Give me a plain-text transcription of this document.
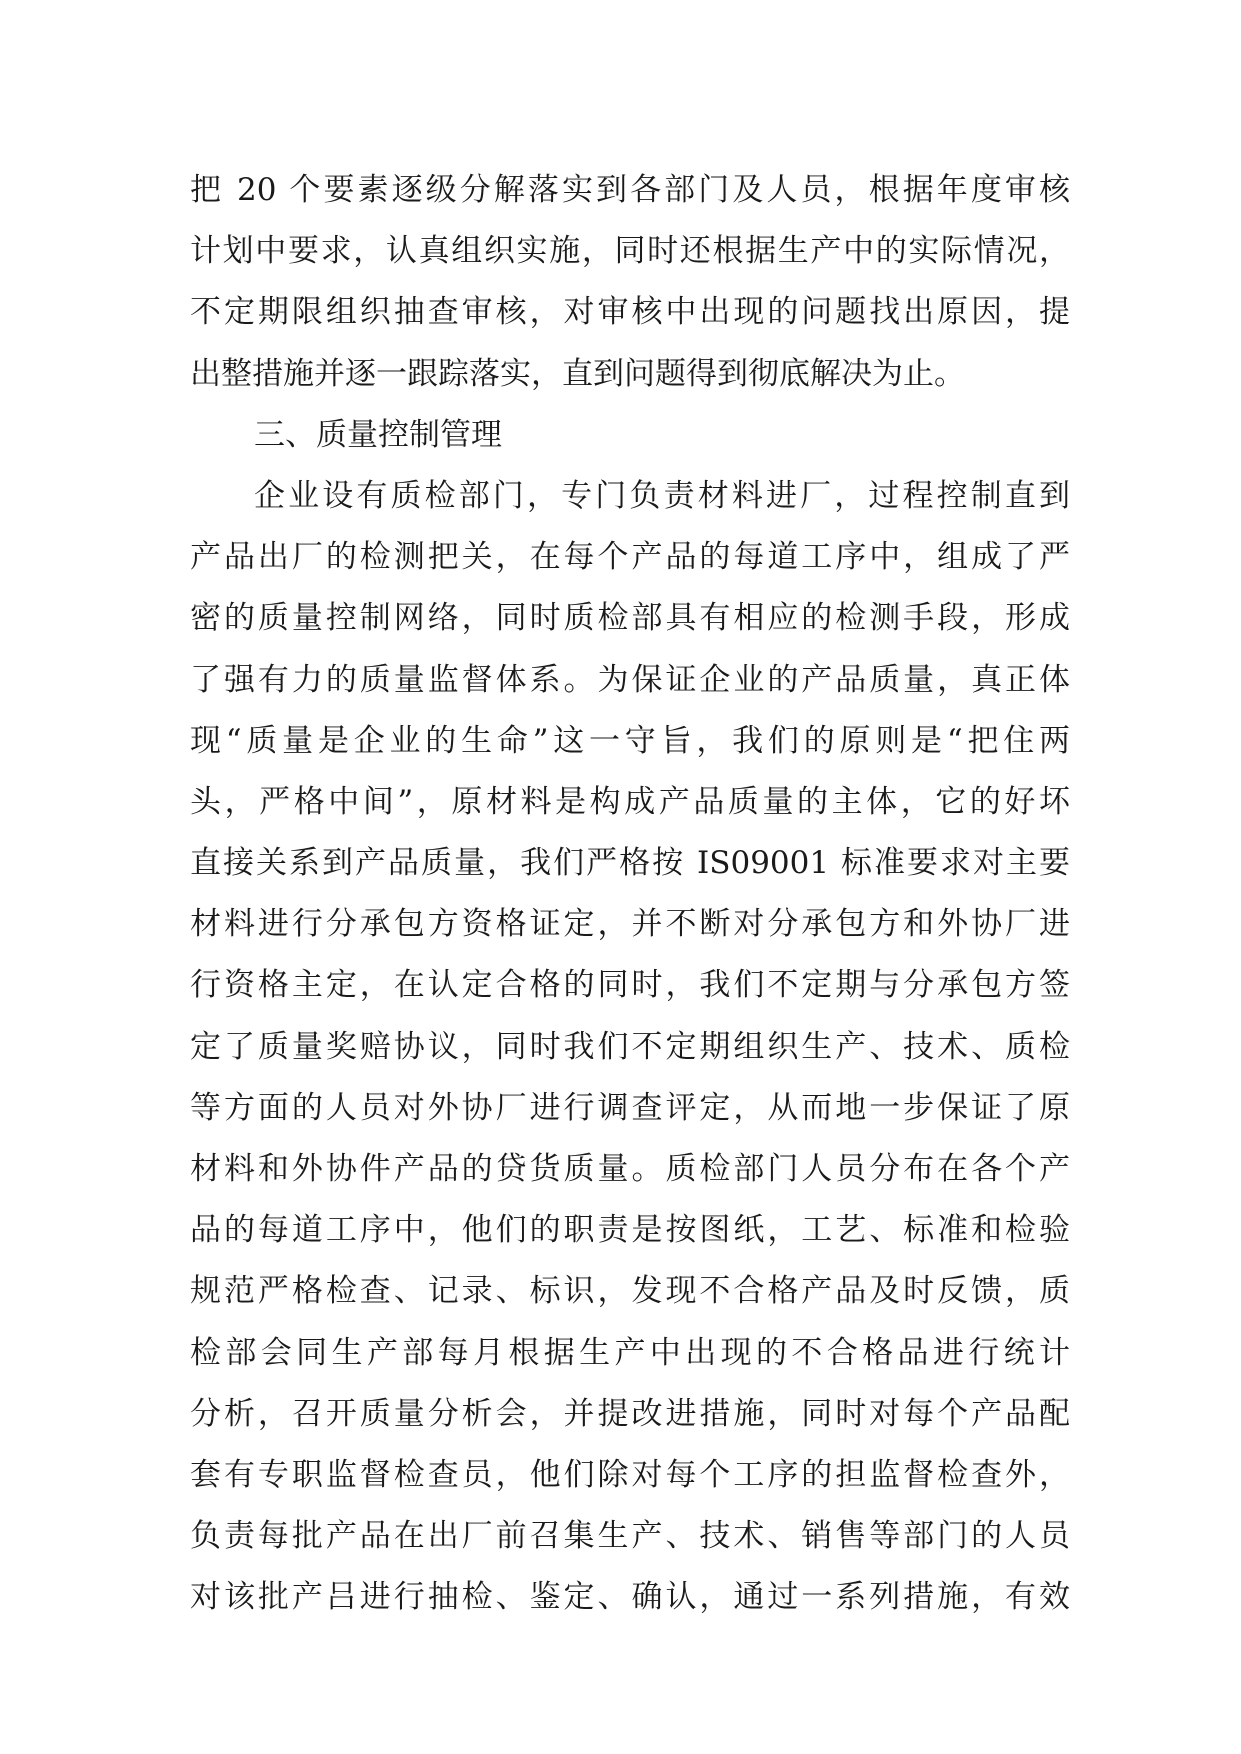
把 20 个要素逐级分解落实到各部门及人员，根据年度审核
计划中要求，认真组织实施，同时还根据生产中的实际情况，
不定期限组织抽查审核，对审核中出现的问题找出原因，提
出整措施并逐一跟踪落实，直到问题得到彻底解决为止。
三、质量控制管理
企业设有质检部门，专门负责材料进厂，过程控制直到
产品出厂的检测把关，在每个产品的每道工序中，组成了严
密的质量控制网络，同时质检部具有相应的检测手段，形成
了强有力的质量监督体系。为保证企业的产品质量，真正体
现“质量是企业的生命”这一守旨，我们的原则是“把住两
头，严格中间”，原材料是构成产品质量的主体，它的好坏
直接关系到产品质量，我们严格按 IS09001 标准要求对主要
材料进行分承包方资格证定，并不断对分承包方和外协厂进
行资格主定，在认定合格的同时，我们不定期与分承包方签
定了质量奖赔协议，同时我们不定期组织生产、技术、质检
等方面的人员对外协厂进行调查评定，从而地一步保证了原
材料和外协件产品的贷货质量。质检部门人员分布在各个产
品的每道工序中，他们的职责是按图纸，工艺、标准和检验
规范严格检查、记录、标识，发现不合格产品及时反馈，质
检部会同生产部每月根据生产中出现的不合格品进行统计
分析，召开质量分析会，并提改进措施，同时对每个产品配
套有专职监督检查员，他们除对每个工序的担监督检查外，
负责每批产品在出厂前召集生产、技术、销售等部门的人员
对该批产吕进行抽检、鉴定、确认，通过一系列措施，有效
